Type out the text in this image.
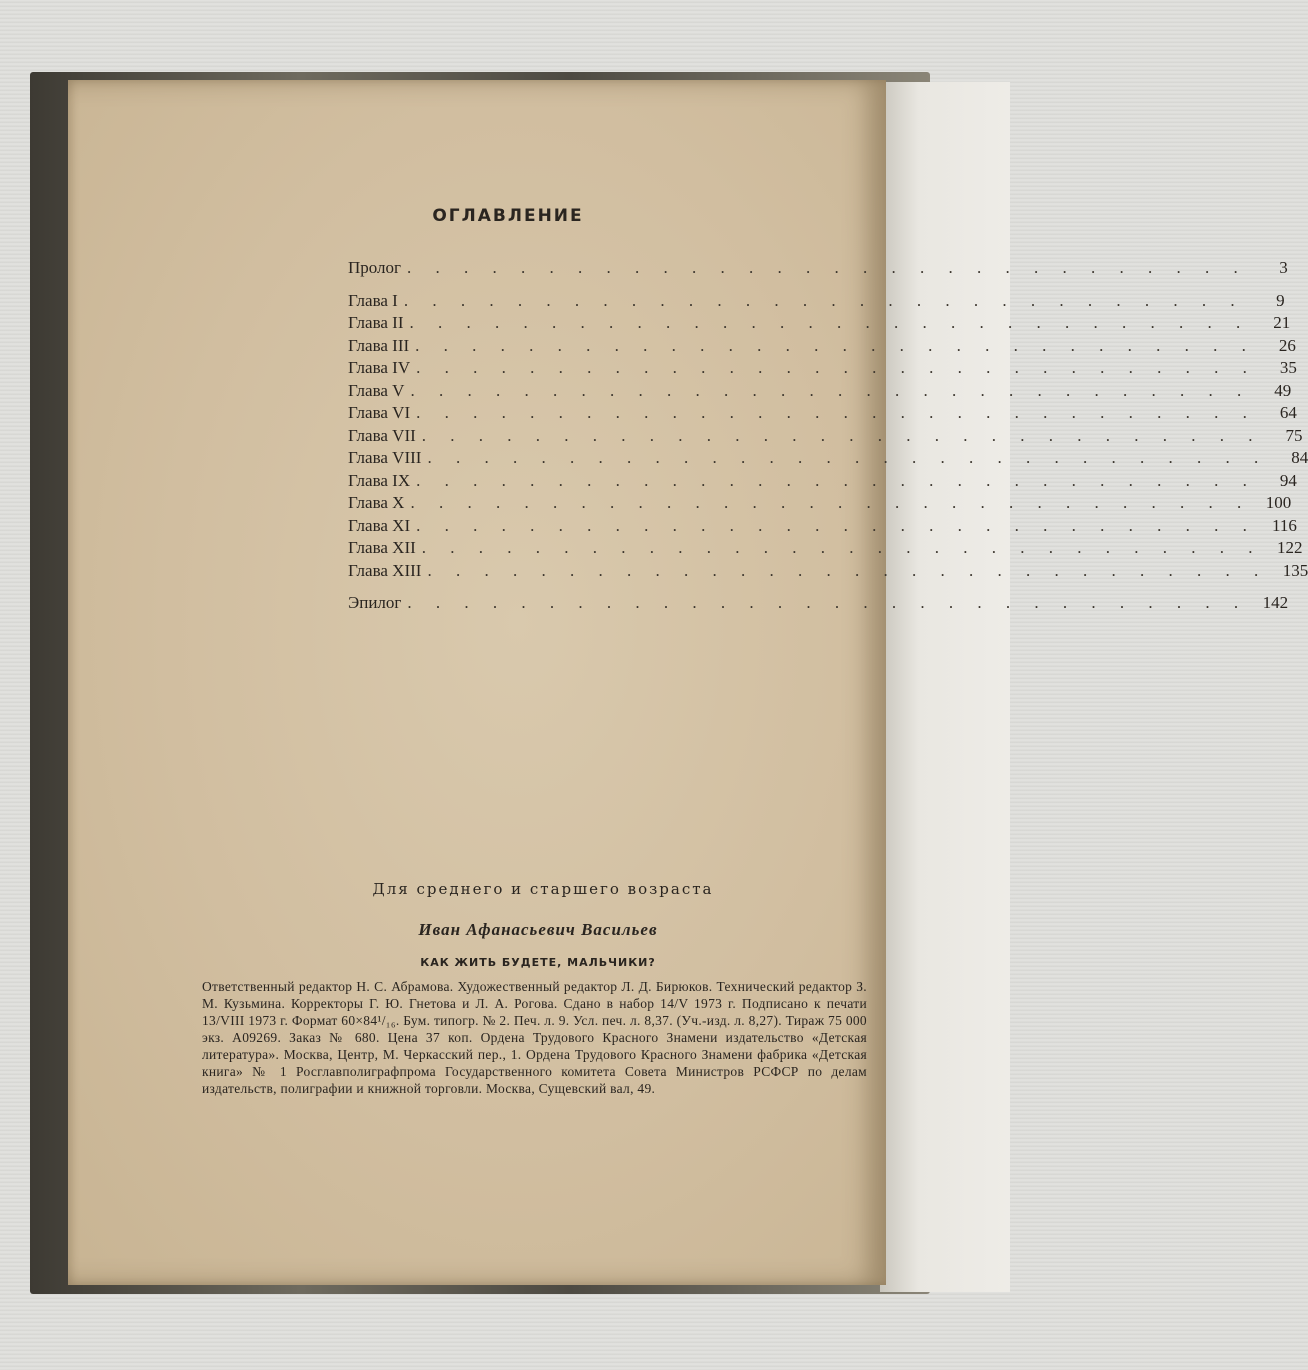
ОГЛАВЛЕНИЕ
Пролог . . . . . . . . . . . . . . . . . . . . . . . . . . . . . .	3
Глава I . . . . . . . . . . . . . . . . . . . . . . . . . . . . . .	9
Глава II . . . . . . . . . . . . . . . . . . . . . . . . . . . . . .	21
Глава III . . . . . . . . . . . . . . . . . . . . . . . . . . . . . .	26
Глава IV . . . . . . . . . . . . . . . . . . . . . . . . . . . . . .	35
Глава V . . . . . . . . . . . . . . . . . . . . . . . . . . . . . .	49
Глава VI . . . . . . . . . . . . . . . . . . . . . . . . . . . . . .	64
Глава VII . . . . . . . . . . . . . . . . . . . . . . . . . . . . . .	75
Глава VIII . . . . . . . . . . . . . . . . . . . . . . . . . . . . . .	84
Глава IX . . . . . . . . . . . . . . . . . . . . . . . . . . . . . .	94
Глава X . . . . . . . . . . . . . . . . . . . . . . . . . . . . . . 100
Глава XI . . . . . . . . . . . . . . . . . . . . . . . . . . . . . . 116
Глава XII . . . . . . . . . . . . . . . . . . . . . . . . . . . . . . 122
Глава XIII . . . . . . . . . . . . . . . . . . . . . . . . . . . . . . 135
Эпилог . . . . . . . . . . . . . . . . . . . . . . . . . . . . . . 142
Для среднего и старшего возраста
Иван Афанасьевич Васильев
КАК ЖИТЬ БУДЕТЕ, МАЛЬЧИКИ?
Ответственный редактор Н. С. Абрамова. Художественный редактор Л. Д. Бирюков. Технический редактор З. М. Кузьмина. Корректоры Г. Ю. Гнетова и Л. А. Рогова. Сдано в набор 14/V 1973 г. Подписано к печати 13/VIII 1973 г. Формат 60×84¹/₁₆. Бум. типогр. № 2. Печ. л. 9. Усл. печ. л. 8,37. (Уч.-изд. л. 8,27). Тираж 75 000 экз. А09269. Заказ № 680. Цена 37 коп. Ордена Трудового Красного Знамени издательство «Детская литература». Москва, Центр, М. Черкасский пер., 1. Ордена Трудового Красного Знамени фабрика «Детская книга» № 1 Росглавполиграфпрома Государственного комитета Совета Министров РСФСР по делам издательств, полиграфии и книжной торговли. Москва, Сущевский вал, 49.
